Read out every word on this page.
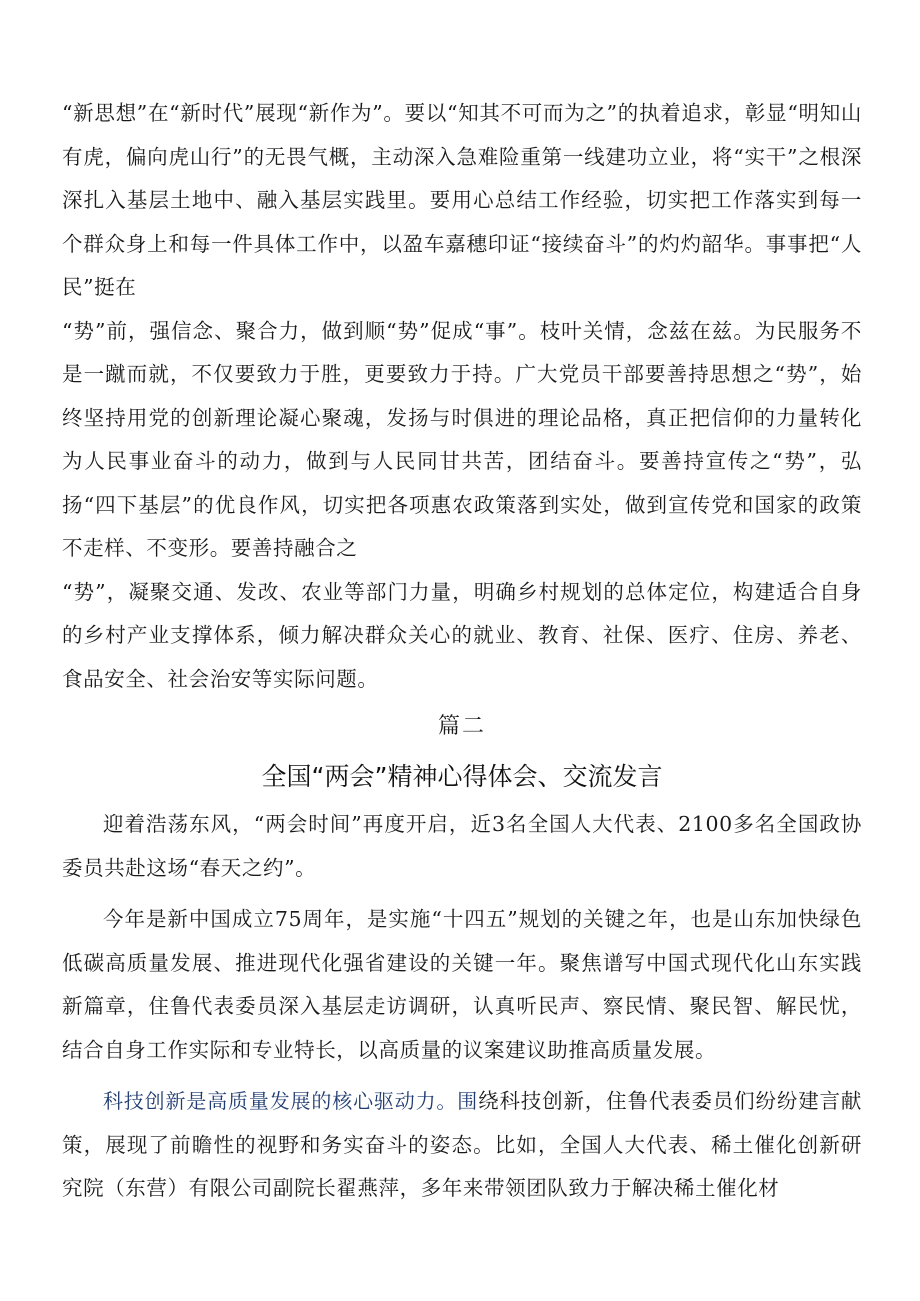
“新思想”在“新时代”展现“新作为”。要以“知其不可而为之”的执着追求，彰显“明知山有虎，偏向虎山行”的无畏气概，主动深入急难险重第一线建功立业，将“实干”之根深深扎入基层土地中、融入基层实践里。要用心总结工作经验，切实把工作落实到每一个群众身上和每一件具体工作中，以盈车嘉穗印证“接续奋斗”的灼灼韶华。事事把“人民”挺在

“势”前，强信念、聚合力，做到顺“势”促成“事”。枝叶关情，念兹在兹。为民服务不是一蹴而就，不仅要致力于胜，更要致力于持。广大党员干部要善持思想之“势”，始终坚持用党的创新理论凝心聚魂，发扬与时俱进的理论品格，真正把信仰的力量转化为人民事业奋斗的动力，做到与人民同甘共苦，团结奋斗。要善持宣传之“势”，弘扬“四下基层”的优良作风，切实把各项惠农政策落到实处，做到宣传党和国家的政策不走样、不变形。要善持融合之

“势”，凝聚交通、发改、农业等部门力量，明确乡村规划的总体定位，构建适合自身的乡村产业支撑体系，倾力解决群众关心的就业、教育、社保、医疗、住房、养老、食品安全、社会治安等实际问题。

篇二
全国“两会”精神心得体会、交流发言

迎着浩荡东风，“两会时间”再度开启，近3名全国人大代表、2100多名全国政协委员共赴这场“春天之约”。

今年是新中国成立75周年，是实施“十四五”规划的关键之年，也是山东加快绿色低碳高质量发展、推进现代化强省建设的关键一年。聚焦谱写中国式现代化山东实践新篇章，住鲁代表委员深入基层走访调研，认真听民声、察民情、聚民智、解民忧，结合自身工作实际和专业特长，以高质量的议案建议助推高质量发展。

科技创新是高质量发展的核心驱动力。围绕科技创新，住鲁代表委员们纷纷建言献策，展现了前瞻性的视野和务实奋斗的姿态。比如，全国人大代表、稀土催化创新研究院（东营）有限公司副院长翟燕萍，多年来带领团队致力于解决稀土催化材
